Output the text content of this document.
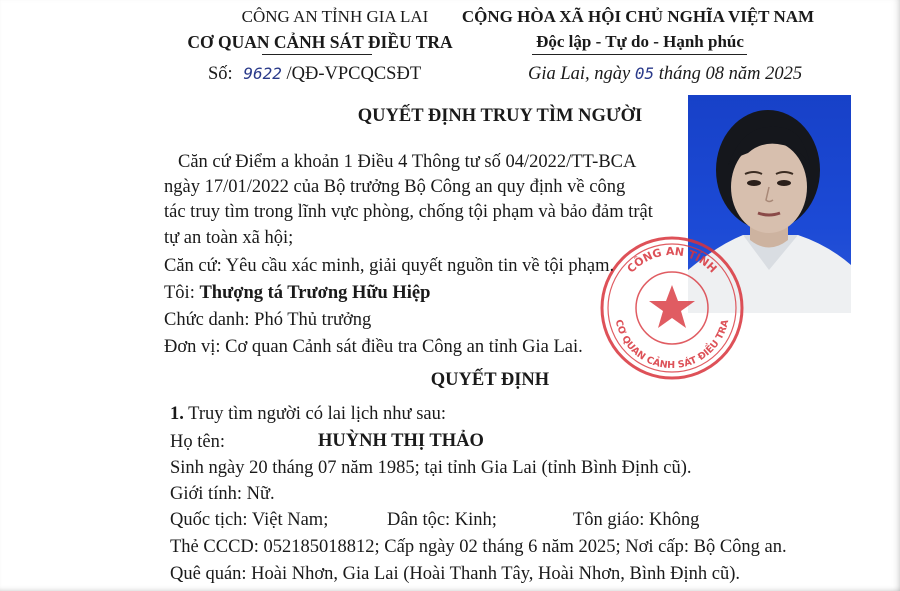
CÔNG AN TỈNH GIA LAI
CƠ QUAN CẢNH SÁT ĐIỀU TRA
CỘNG HÒA XÃ HỘI CHỦ NGHĨA VIỆT NAM
Độc lập - Tự do - Hạnh phúc
Số: 9622 /QĐ-VPCQCSĐT	Gia Lai, ngày 05 tháng 08 năm 2025
CÔNG AN TỈNH
CƠ QUAN CẢNH SÁT ĐIỀU TRA
QUYẾT ĐỊNH TRUY TÌM NGƯỜI
Căn cứ Điểm a khoản 1 Điều 4 Thông tư số 04/2022/TT-BCA
ngày 17/01/2022 của Bộ trưởng Bộ Công an quy định về công
tác truy tìm trong lĩnh vực phòng, chống tội phạm và bảo đảm trật
tự an toàn xã hội;
Căn cứ: Yêu cầu xác minh, giải quyết nguồn tin về tội phạm.
Tôi: Thượng tá Trương Hữu Hiệp
Chức danh: Phó Thủ trưởng
Đơn vị: Cơ quan Cảnh sát điều tra Công an tỉnh Gia Lai.
QUYẾT ĐỊNH
1. Truy tìm người có lai lịch như sau:
Họ tên:	HUỲNH THỊ THẢO
Sinh ngày 20 tháng 07 năm 1985; tại tỉnh Gia Lai (tỉnh Bình Định cũ).
Giới tính: Nữ.
Quốc tịch: Việt Nam;	Dân tộc: Kinh;	Tôn giáo: Không
Thẻ CCCD: 052185018812; Cấp ngày 02 tháng 6 năm 2025; Nơi cấp: Bộ Công an.
Quê quán: Hoài Nhơn, Gia Lai (Hoài Thanh Tây, Hoài Nhơn, Bình Định cũ).
